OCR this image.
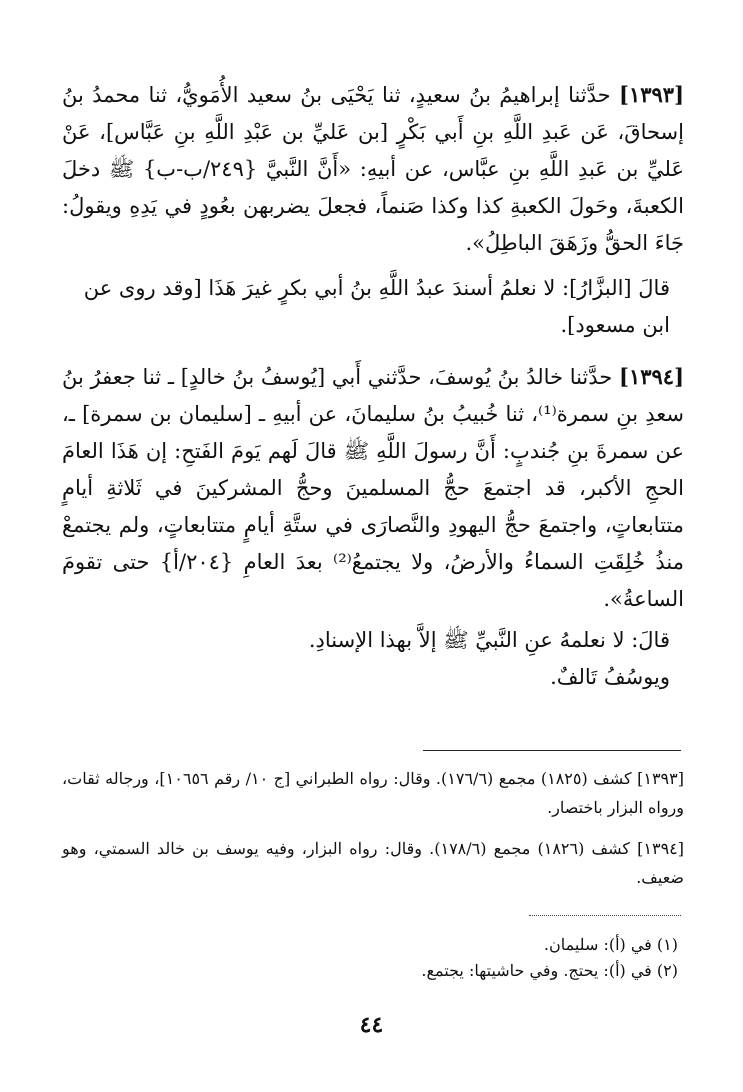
[١٣٩٣] حدَّثنا إبراهيمُ بنُ سعيدٍ، ثنا يَحْيَى بنُ سعيد الأُمَويُّ، ثنا محمدُ بنُ إسحاقَ، عَن عَبدِ اللَّهِ بنِ أَبي بَكْرٍ [بن عَليِّ بن عَبْدِ اللَّهِ بنِ عَبَّاس]، عَنْ عَليِّ بن عَبدِ اللَّهِ بنِ عبَّاس، عن أبيهِ: «أَنَّ النَّبيَّ {٢٤٩/ب-ب} ﷺ دخلَ الكعبةَ، وحَولَ الكعبةِ كذا وكذا صَنماً، فجعلَ يضربهن بعُودٍ في يَدِهِ ويقولُ: جَاءَ الحقُّ وزَهَقَ الباطِلُ».

قالَ [البزَّارُ]: لا نعلمُ أسندَ عبدُ اللَّهِ بنُ أبي بكرٍ غيرَ هَذَا [وقد روى عن ابن مسعود].

[١٣٩٤] حدَّثنا خالدُ بنُ يُوسفَ، حدَّثني أَبي [يُوسفُ بنُ خالدٍ] ـ ثنا جعفرُ بنُ سعدِ بنِ سمرة⁽¹⁾، ثنا خُبيبُ بنُ سليمانَ، عن أبيهِ ـ [سليمان بن سمرة] ـ، عن سمرةَ بنِ جُندبٍ: أَنَّ رسولَ اللَّهِ ﷺ قالَ لَهم يَومَ الفَتحِ: إن هَذَا العامَ الحجِ الأكبر، قد اجتمعَ حجُّ المسلمينَ وحجُّ المشركينَ في ثَلاثةِ أيامٍ متتابعاتٍ، واجتمعَ حجُّ اليهودِ والنَّصارَى في ستَّةِ أيامٍ متتابعاتٍ، ولم يجتمعْ منذُ خُلِقَتِ السماءُ والأرضُ، ولا يجتمعُ⁽²⁾ بعدَ العامِ {٢٠٤/أ} حتى تقومَ الساعةُ».

قالَ: لا نعلمهُ عنِ النَّبيِّ ﷺ إلاَّ بهذا الإسنادِ.

ويوسُفُ تَالفٌ.

[١٣٩٣] كشف (١٨٢٥) مجمع (١٧٦/٦). وقال: رواه الطبراني [ج ١٠/ رقم ١٠٦٥٦]، ورجاله ثقات، ورواه البزار باختصار.

[١٣٩٤] كشف (١٨٢٦) مجمع (١٧٨/٦). وقال: رواه البزار، وفيه يوسف بن خالد السمتي، وهو ضعيف.

(١) في (أ): سليمان.

(٢) في (أ): يحتج. وفي حاشيتها: يجتمع.

٤٤
